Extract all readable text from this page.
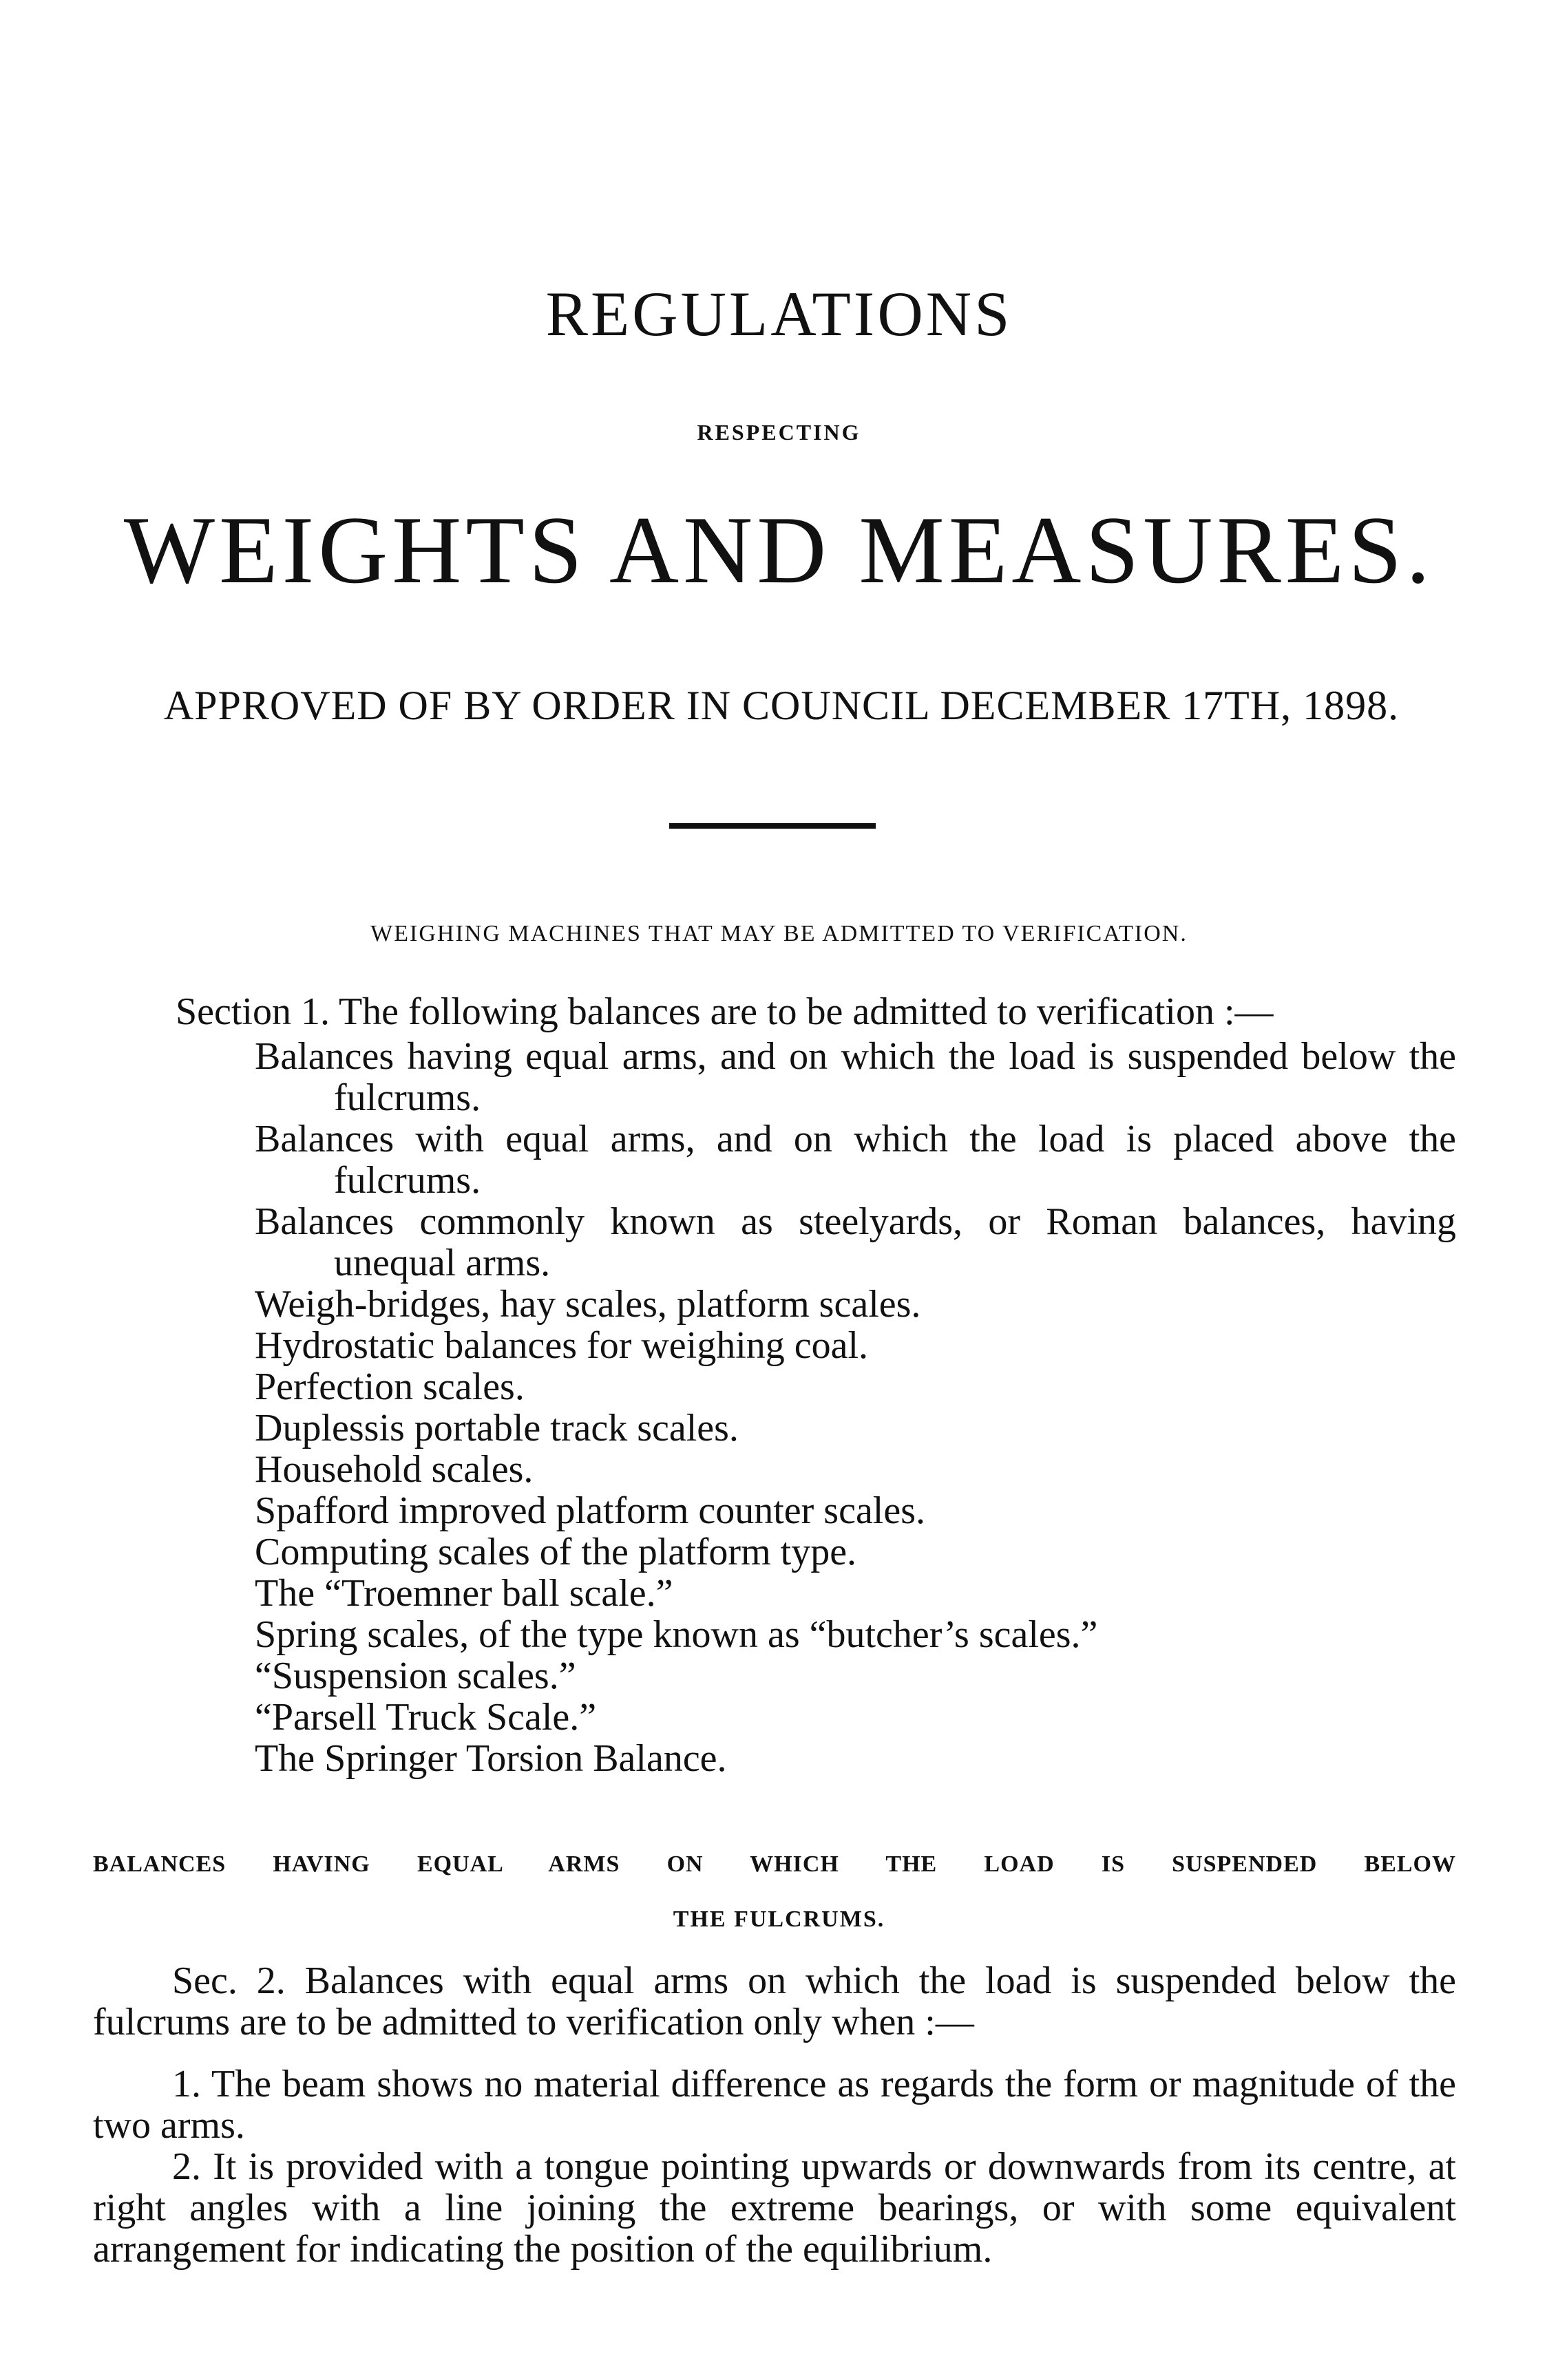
REGULATIONS
RESPECTING
WEIGHTS AND MEASURES.
APPROVED OF BY ORDER IN COUNCIL DECEMBER 17TH, 1898.
WEIGHING MACHINES THAT MAY BE ADMITTED TO VERIFICATION.
Section 1. The following balances are to be admitted to verification :—
Balances having equal arms, and on which the load is suspended below the fulcrums.
Balances with equal arms, and on which the load is placed above the fulcrums.
Balances commonly known as steelyards, or Roman balances, having unequal arms.
Weigh-bridges, hay scales, platform scales.
Hydrostatic balances for weighing coal.
Perfection scales.
Duplessis portable track scales.
Household scales.
Spafford improved platform counter scales.
Computing scales of the platform type.
The “Troemner ball scale.”
Spring scales, of the type known as “butcher’s scales.”
“Suspension scales.”
“Parsell Truck Scale.”
The Springer Torsion Balance.
BALANCES HAVING EQUAL ARMS ON WHICH THE LOAD IS SUSPENDED BELOW
THE FULCRUMS.
Sec. 2. Balances with equal arms on which the load is suspended below the fulcrums are to be admitted to verification only when :—
1. The beam shows no material difference as regards the form or magnitude of the two arms.
2. It is provided with a tongue pointing upwards or downwards from its centre, at right angles with a line joining the extreme bearings, or with some equivalent arrangement for indicating the position of the equilibrium.
